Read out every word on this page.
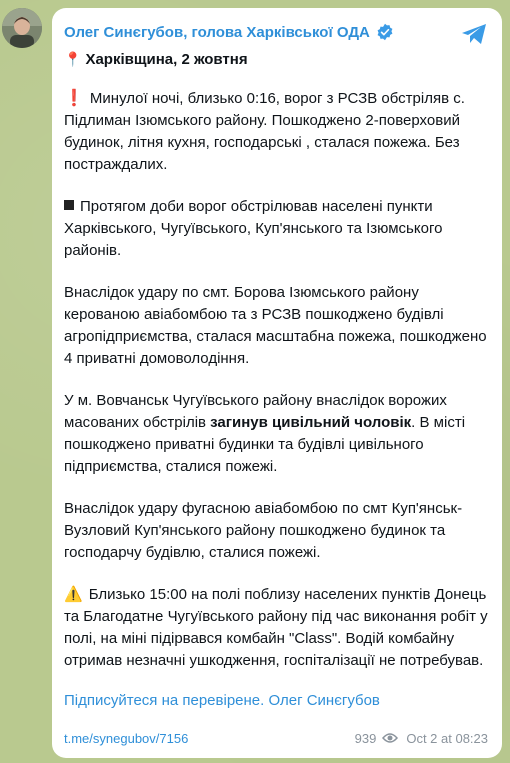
Олег Синєгубов, голова Харківської ОДА
📍 Харківщина, 2 жовтня
❗ Минулої ночі, близько 0:16, ворог з РСЗВ обстріляв с. Підлиман Ізюмського району. Пошкоджено 2-поверховий будинок, літня кухня, господарські , сталася пожежа. Без постраждалих.
Протягом доби ворог обстрілював населені пункти Харківського, Чугуївського, Куп'янського та Ізюмського районів.
Внаслідок удару по смт. Борова Ізюмського району керованою авіабомбою та з РСЗВ пошкоджено будівлі агропідприємства, сталася масштабна пожежа, пошкоджено 4 приватні домоволодіння.
У м. Вовчанськ Чугуївського району внаслідок ворожих масованих обстрілів загинув цивільний чоловік. В місті пошкоджено приватні будинки та будівлі цивільного підприємства, сталися пожежі.
Внаслідок удару фугасною авіабомбою по смт Куп'янськ-Вузловий Куп'янського району пошкоджено будинок та господарчу будівлю, сталися пожежі.
⚠️ Близько 15:00 на полі поблизу населених пунктів Донець та Благодатне Чугуївського району під час виконання робіт у полі, на міні підірвався комбайн "Class". Водій комбайну отримав незначні ушкодження, госпіталізації не потребував.
Підписуйтеся на перевірене. Олег Синєгубов
t.me/synegubov/7156	939 Oct 2 at 08:23
